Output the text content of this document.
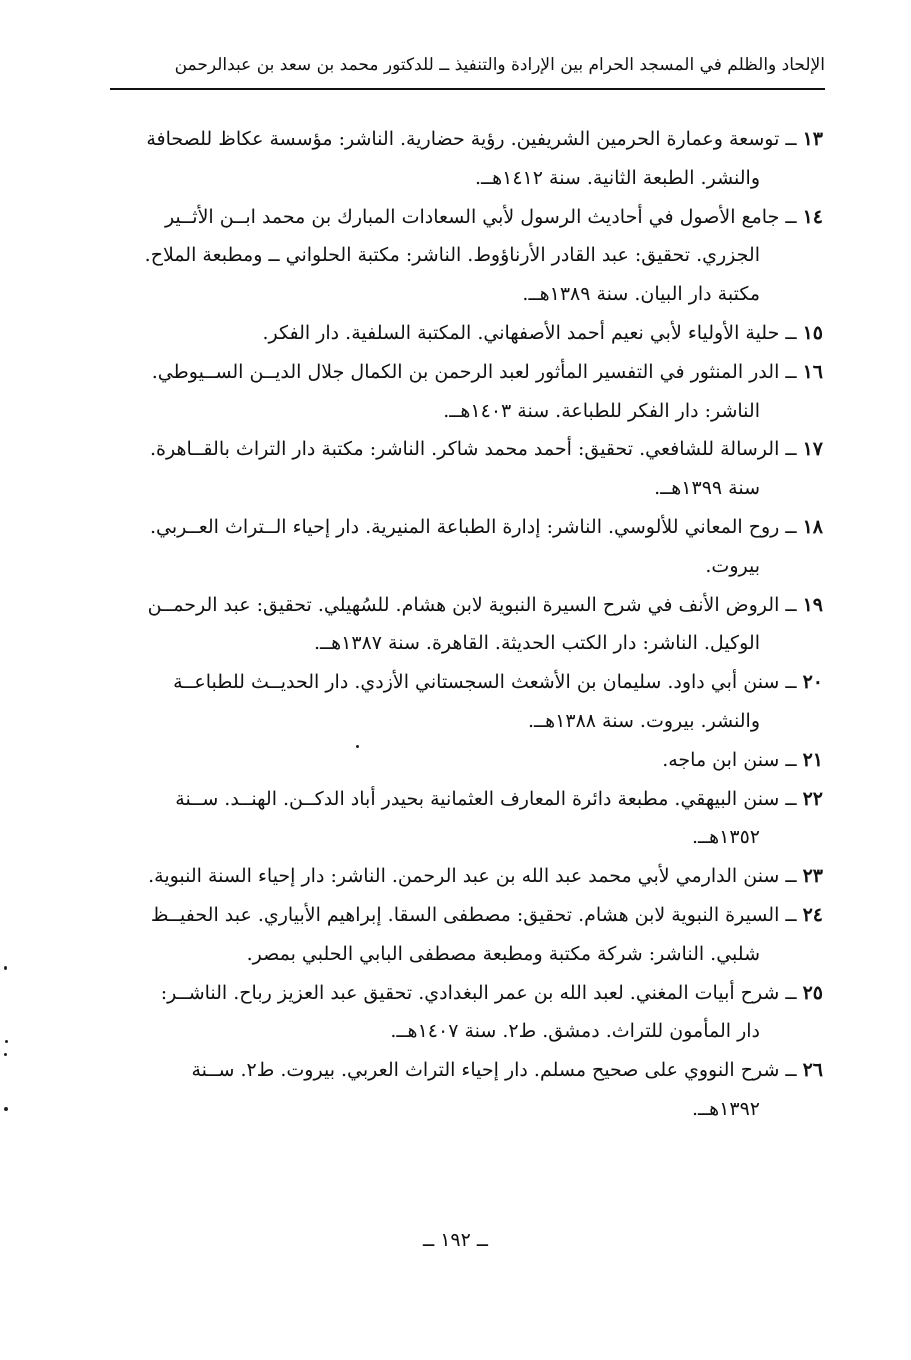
الإلحاد والظلم في المسجد الحرام بين الإرادة والتنفيذ ــ للدكتور محمد بن سعد بن عبدالرحمن
١٣ ــ توسعة وعمارة الحرمين الشريفين. رؤية حضارية. الناشر: مؤسسة عكاظ للصحافة
والنشر. الطبعة الثانية. سنة ١٤١٢هــ.
١٤ ــ جامع الأصول في أحاديث الرسول لأبي السعادات المبارك بن محمد ابــن الأثــير
الجزري. تحقيق: عبد القادر الأرناؤوط. الناشر: مكتبة الحلواني ــ ومطبعة الملاح.
مكتبة دار البيان. سنة ١٣٨٩هــ.
١٥ ــ حلية الأولياء لأبي نعيم أحمد الأصفهاني. المكتبة السلفية. دار الفكر.
١٦ ــ الدر المنثور في التفسير المأثور لعبد الرحمن بن الكمال جلال الديــن الســيوطي.
الناشر: دار الفكر للطباعة. سنة ١٤٠٣هــ.
١٧ ــ الرسالة للشافعي. تحقيق: أحمد محمد شاكر. الناشر: مكتبة دار التراث بالقــاهرة.
سنة ١٣٩٩هــ.
١٨ ــ روح المعاني للألوسي. الناشر: إدارة الطباعة المنيرية. دار إحياء الــتراث العــربي.
بيروت.
١٩ ــ الروض الأنف في شرح السيرة النبوية لابن هشام. للسُهيلي. تحقيق: عبد الرحمــن
الوكيل. الناشر: دار الكتب الحديثة. القاهرة. سنة ١٣٨٧هــ.
٢٠ ــ سنن أبي داود. سليمان بن الأشعث السجستاني الأزدي. دار الحديــث للطباعــة
والنشر. بيروت. سنة ١٣٨٨هــ.
٢١ ــ سنن ابن ماجه.
٢٢ ــ سنن البيهقي. مطبعة دائرة المعارف العثمانية بحيدر أباد الدكــن. الهنــد. ســنة
١٣٥٢هــ.
٢٣ ــ سنن الدارمي لأبي محمد عبد الله بن عبد الرحمن. الناشر: دار إحياء السنة النبوية.
٢٤ ــ السيرة النبوية لابن هشام. تحقيق: مصطفى السقا. إبراهيم الأبياري. عبد الحفيــظ
شلبي. الناشر: شركة مكتبة ومطبعة مصطفى البابي الحلبي بمصر.
٢٥ ــ شرح أبيات المغني. لعبد الله بن عمر البغدادي. تحقيق عبد العزيز رباح. الناشــر:
دار المأمون للتراث. دمشق. ط٢. سنة ١٤٠٧هــ.
٢٦ ــ شرح النووي على صحيح مسلم. دار إحياء التراث العربي. بيروت. ط٢. ســنة
١٣٩٢هــ.
ــ ١٩٢ ــ
